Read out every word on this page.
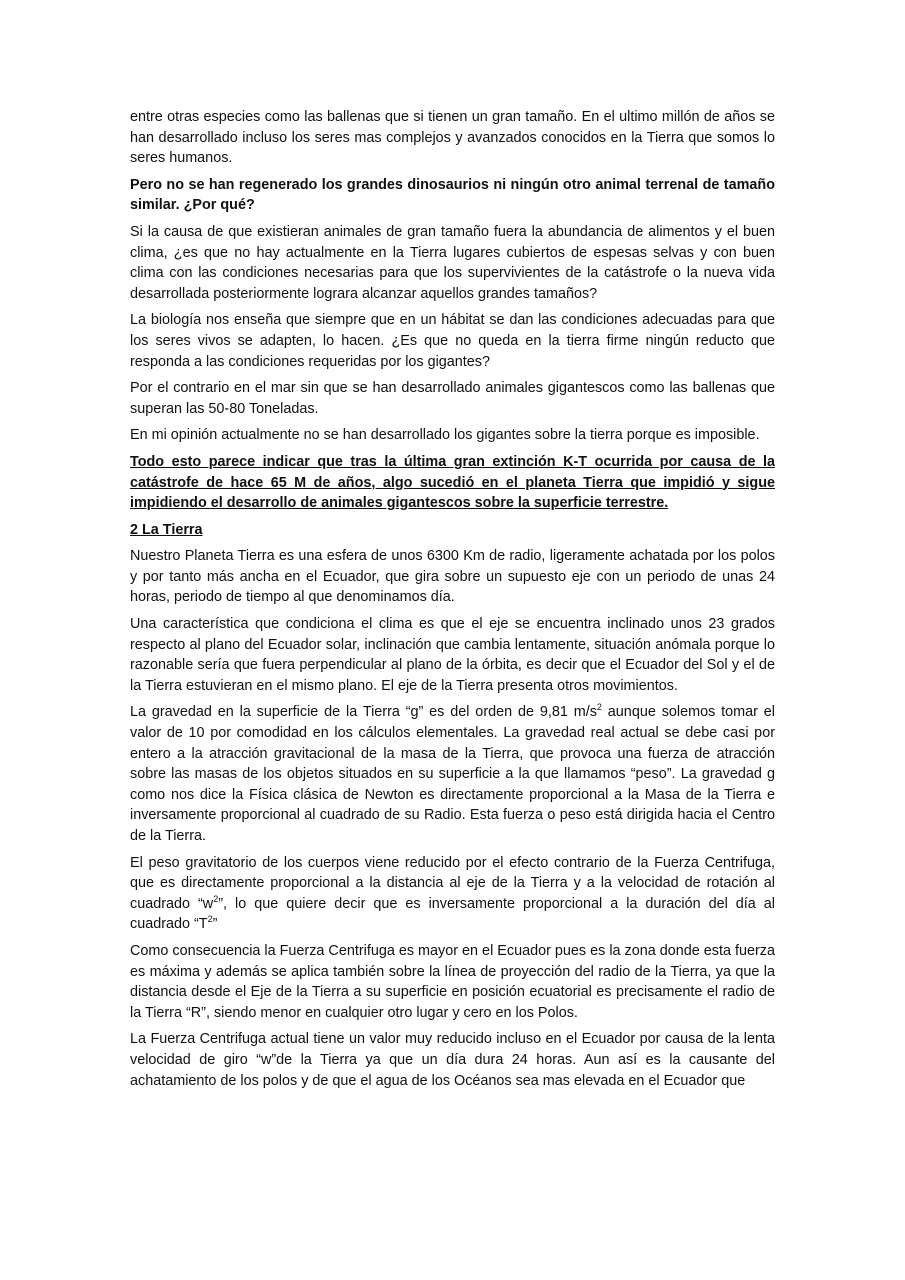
entre otras especies como las ballenas que si tienen un gran tamaño. En el ultimo millón de años se han desarrollado incluso los seres mas complejos y avanzados conocidos en la Tierra que somos lo seres humanos.

Pero no se han regenerado los grandes dinosaurios ni ningún otro animal terrenal de tamaño similar. ¿Por qué?

Si la causa de que existieran animales de gran tamaño fuera la abundancia de alimentos y el buen clima, ¿es que no hay actualmente en la Tierra lugares cubiertos de espesas selvas y con buen clima con las condiciones necesarias para que los supervivientes de la catástrofe o la nueva vida desarrollada posteriormente lograra alcanzar aquellos grandes tamaños?

La biología nos enseña que siempre que en un hábitat se dan las condiciones adecuadas para que los seres vivos se adapten, lo hacen. ¿Es que no queda en la tierra firme ningún reducto que responda a las condiciones requeridas por los gigantes?

Por el contrario en el mar sin que se han desarrollado animales gigantescos como las ballenas que superan las 50-80 Toneladas.

En mi opinión actualmente no se han desarrollado los gigantes sobre la tierra porque es imposible.

Todo esto parece indicar que tras la última gran extinción K-T ocurrida por causa de la catástrofe de hace 65 M de años, algo sucedió en el planeta Tierra que impidió y sigue impidiendo el desarrollo de animales gigantescos sobre la superficie terrestre.

2 La Tierra

Nuestro Planeta Tierra es una esfera de unos 6300 Km de radio, ligeramente achatada por los polos y por tanto más ancha en el Ecuador, que gira sobre un supuesto eje con un periodo de unas 24 horas, periodo de tiempo al que denominamos día.

Una característica que condiciona el clima es que el eje se encuentra inclinado unos 23 grados respecto al plano del Ecuador solar, inclinación que cambia lentamente, situación anómala porque lo razonable sería que fuera perpendicular al plano de la órbita, es decir que el Ecuador del Sol y el de la Tierra estuvieran en el mismo plano. El eje de la Tierra presenta otros movimientos.

La gravedad en la superficie de la Tierra “g” es del orden de 9,81 $m/s^2$ aunque solemos tomar el valor de 10 por comodidad en los cálculos elementales. La gravedad real actual se debe casi por entero a la atracción gravitacional de la masa de la Tierra, que provoca una fuerza de atracción sobre las masas de los objetos situados en su superficie a la que llamamos “peso”. La gravedad g como nos dice la Física clásica de Newton es directamente proporcional a la Masa de la Tierra e inversamente proporcional al cuadrado de su Radio. Esta fuerza o peso está dirigida hacia el Centro de la Tierra.

El peso gravitatorio de los cuerpos viene reducido por el efecto contrario de la Fuerza Centrifuga, que es directamente proporcional a la distancia al eje de la Tierra y a la velocidad de rotación al cuadrado “$w^2$”, lo que quiere decir que es inversamente proporcional a la duración del día al cuadrado “$T^2$”

Como consecuencia la Fuerza Centrifuga es mayor en el Ecuador pues es la zona donde esta fuerza es máxima y además se aplica también sobre la línea de proyección del radio de la Tierra, ya que la distancia desde el Eje de la Tierra a su superficie en posición ecuatorial es precisamente el radio de la Tierra “R”, siendo menor en cualquier otro lugar y cero en los Polos.

La Fuerza Centrifuga actual tiene un valor muy reducido incluso en el Ecuador por causa de la lenta velocidad de giro “w”de la Tierra ya que un día dura 24 horas. Aun así es la causante del achatamiento de los polos y de que el agua de los Océanos sea mas elevada en el Ecuador que
